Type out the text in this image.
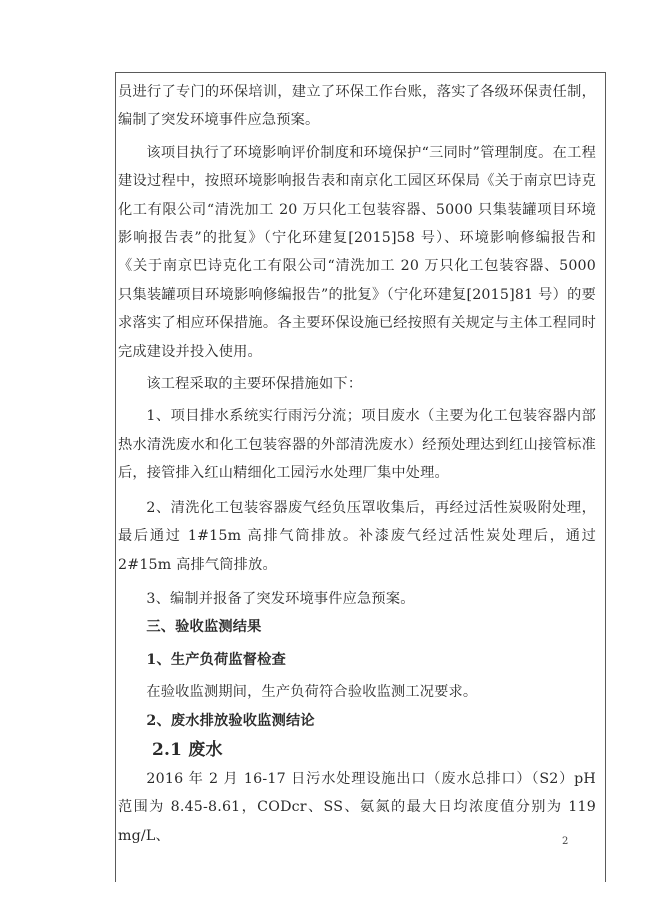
员进行了专门的环保培训，建立了环保工作台账，落实了各级环保责任制，编制了突发环境事件应急预案。

该项目执行了环境影响评价制度和环境保护“三同时”管理制度。在工程建设过程中，按照环境影响报告表和南京化工园区环保局《关于南京巴诗克化工有限公司“清洗加工 20 万只化工包装容器、5000 只集装罐项目环境影响报告表”的批复》（宁化环建复[2015]58 号）、环境影响修编报告和《关于南京巴诗克化工有限公司“清洗加工 20 万只化工包装容器、5000 只集装罐项目环境影响修编报告”的批复》（宁化环建复[2015]81 号）的要求落实了相应环保措施。各主要环保设施已经按照有关规定与主体工程同时完成建设并投入使用。

该工程采取的主要环保措施如下：

1、项目排水系统实行雨污分流；项目废水（主要为化工包装容器内部热水清洗废水和化工包装容器的外部清洗废水）经预处理达到红山接管标准后，接管排入红山精细化工园污水处理厂集中处理。

2、清洗化工包装容器废气经负压罩收集后，再经过活性炭吸附处理，最后通过 1#15m 高排气筒排放。补漆废气经过活性炭处理后，通过 2#15m 高排气筒排放。

3、编制并报备了突发环境事件应急预案。

三、验收监测结果

1、生产负荷监督检查

在验收监测期间，生产负荷符合验收监测工况要求。

2、废水排放验收监测结论

2.1 废水

2016 年 2 月 16-17 日污水处理设施出口（废水总排口）（S2）pH 范围为 8.45-8.61，CODcr、SS、氨氮的最大日均浓度值分别为 119 mg/L、	2
